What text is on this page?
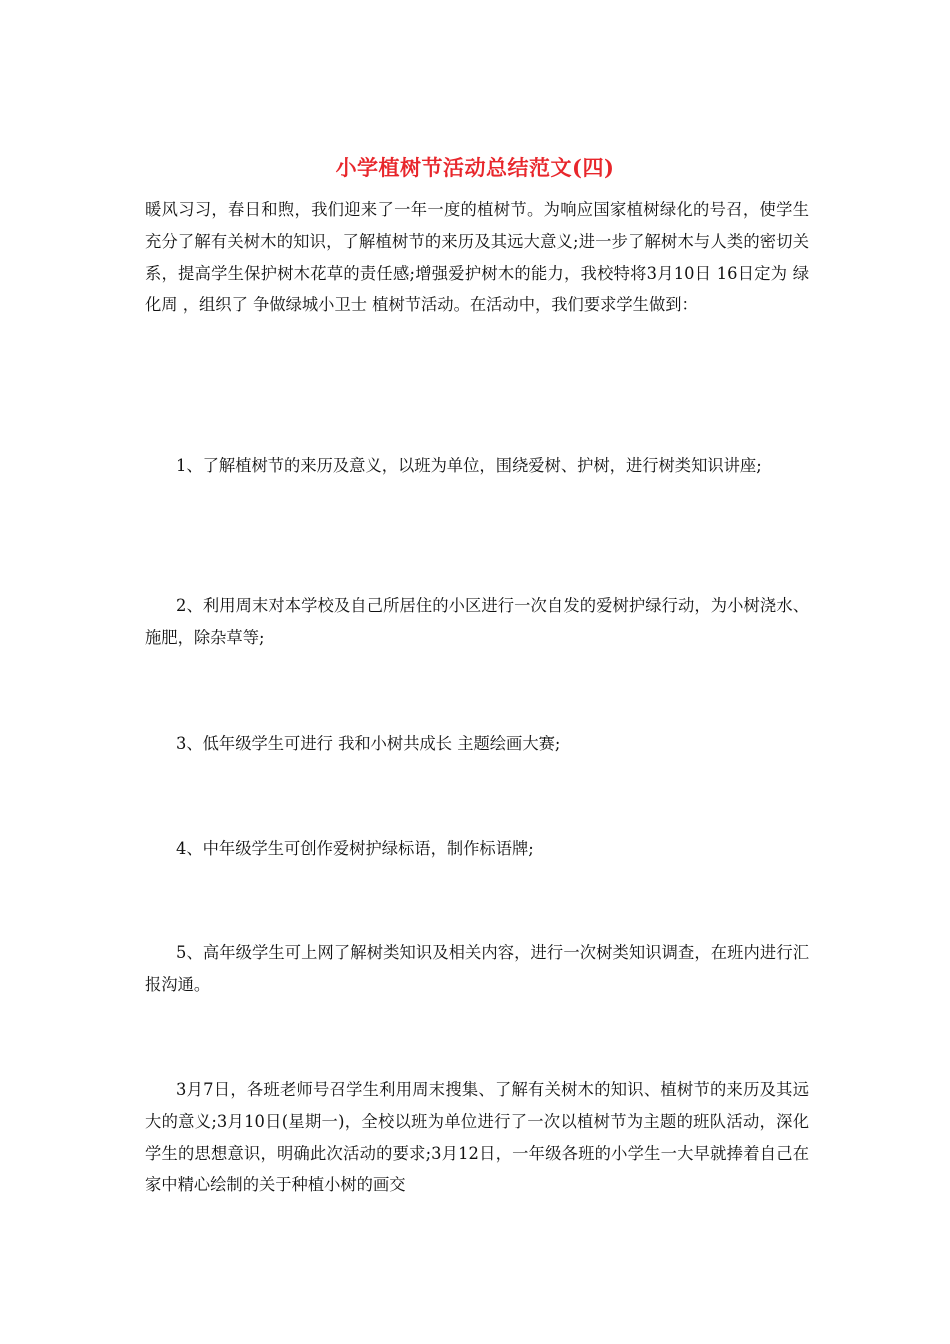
小学植树节活动总结范文(四)

暖风习习，春日和煦，我们迎来了一年一度的植树节。为响应国家植树绿化的号召，使学生充分了解有关树木的知识，了解植树节的来历及其远大意义;进一步了解树木与人类的密切关系，提高学生保护树木花草的责任感;增强爱护树木的能力，我校特将3月10日 16日定为 绿化周 ，组织了 争做绿城小卫士 植树节活动。在活动中，我们要求学生做到：

1、了解植树节的来历及意义，以班为单位，围绕爱树、护树，进行树类知识讲座;

2、利用周末对本学校及自己所居住的小区进行一次自发的爱树护绿行动，为小树浇水、施肥，除杂草等;

3、低年级学生可进行 我和小树共成长 主题绘画大赛;

4、中年级学生可创作爱树护绿标语，制作标语牌;

5、高年级学生可上网了解树类知识及相关内容，进行一次树类知识调查，在班内进行汇报沟通。

3月7日，各班老师号召学生利用周末搜集、了解有关树木的知识、植树节的来历及其远大的意义;3月10日(星期一)，全校以班为单位进行了一次以植树节为主题的班队活动，深化学生的思想意识，明确此次活动的要求;3月12日，一年级各班的小学生一大早就捧着自己在家中精心绘制的关于种植小树的画交
